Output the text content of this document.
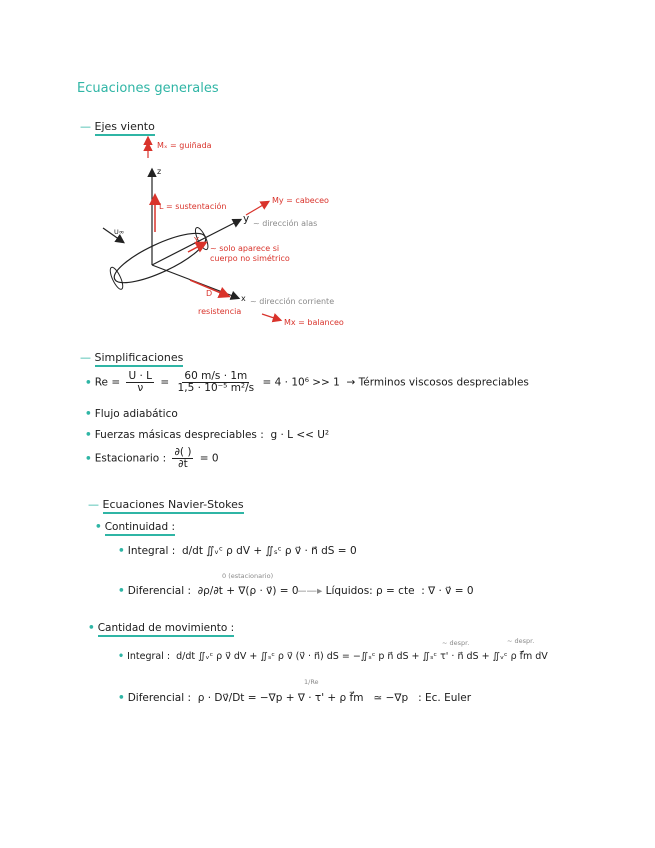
Ecuaciones generales
— Ejes viento
Mₓ = guiñada
z
L = sustentación
My = cabeceo
y ~ dirección alas
U∞
Y
~ solo aparece si cuerpo no simétrico
D
resistencia
x ~ dirección corriente
Mx = balanceo
— Simplificaciones
• $Re = \frac{U \cdot L}{\nu} = \frac{60 m/s \cdot 1m}{\text{1,5 · 10⁻⁵ m²/s}} = 4 \cdot 10^6 >> 1$ → Términos viscosos despreciables
• Flujo adiabático
• Fuerzas másicas despreciables : g · L << U²
• Estacionario : $\frac{\partial( )}{\partial t} = 0$
— Ecuaciones Navier-Stokes
• Continuidad :
• Integral : d/dt ∬ᵥᶜ ρ dV + ∬ₛᶜ ρ v⃗ · n⃗ dS = 0
0 (estacionario)
• Diferencial : ∂ρ/∂t + ∇(ρ · v⃗) = 0
——▸ Líquidos: ρ = cte : ∇ · v⃗ = 0
• Cantidad de movimiento :
~ despr.	~ despr.
• Integral : d/dt ∬ᵥᶜ ρ v⃗ dV + ∬ₛᶜ ρ v⃗ (v⃗ · n⃗) dS = −∬ₛᶜ p n⃗ dS + ∬ₛᶜ τ' · n⃗ dS + ∬ᵥᶜ ρ f⃗m dV
1/Re
• Diferencial : ρ · Dv⃗/Dt = −∇p + ∇ · τ' + ρ f⃗m ≃ −∇p : Ec. Euler
